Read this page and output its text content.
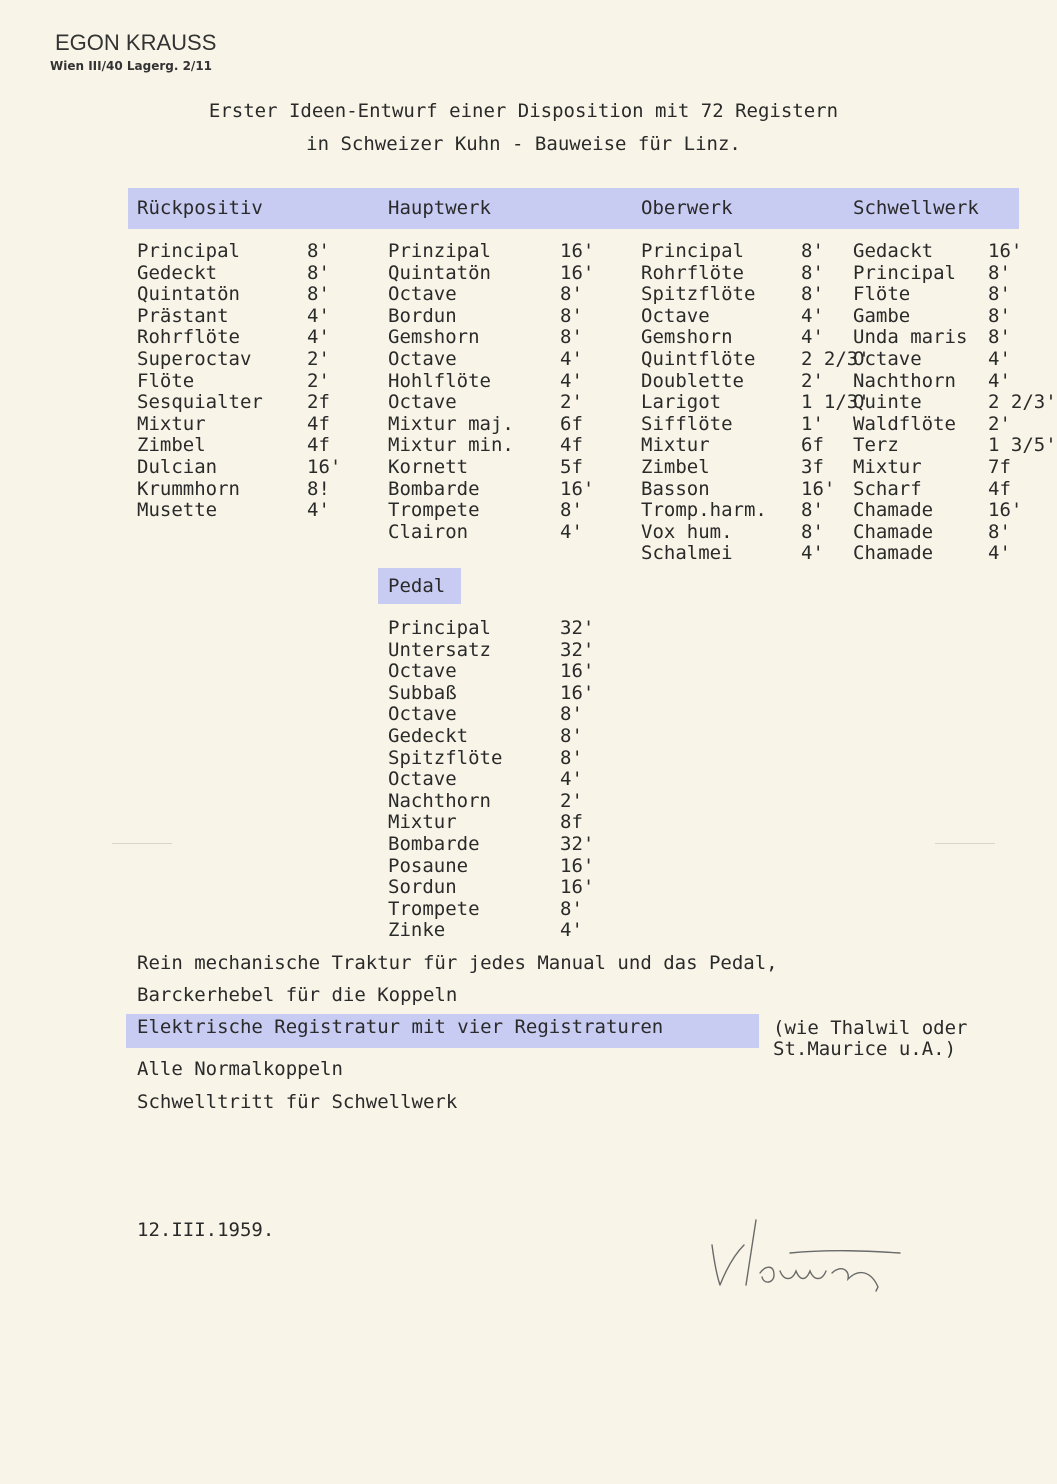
EGON KRAUSS
Wien III/40 Lagerg. 2/11
Erster Ideen-Entwurf einer Disposition mit 72 Registern
in Schweizer Kuhn - Bauweise für Linz.
Rückpositiv	Hauptwerk	Oberwerk	Schwellwerk
Principal	8'
Gedeckt	8'
Quintatön	8'
Prästant	4'
Rohrflöte	4'
Superoctav	2'
Flöte	2'
Sesquialter 2f
Mixtur	4f
Zimbel	4f
Dulcian	16'
Krummhorn	8!
Musette	4'
Prinzipal	16'
Quintatön	16'
Octave	8'
Bordun	8'
Gemshorn	8'
Octave	4'
Hohlflöte	4'
Octave	2'
Mixtur maj. 6f
Mixtur min. 4f
Kornett	5f
Bombarde	16'
Trompete	8'
Clairon	4'
Principal	8'
Rohrflöte	8'
Spitzflöte 8'
Octave	4'
Gemshorn	4'
Quintflöte 2 2/3'
Doublette	2'
Larigot	1 1/3'
Sifflöte	1'
Mixtur	6f
Zimbel	3f
Basson	16'
Tromp.harm. 8'
Vox hum.	8'
Schalmei	4'
Gedackt	16'
Principal 8'
Flöte	8'
Gambe	8'
Unda maris 8'
Octave	4'
Nachthorn 4'
Quinte	2 2/3'
Waldflöte 2'
Terz	1 3/5'
Mixtur	7f
Scharf	4f
Chamade	16'
Chamade	8'
Chamade	4'
Pedal
Principal	32'
Untersatz	32'
Octave	16'
Subbaß	16'
Octave	8'
Gedeckt	8'
Spitzflöte	8'
Octave	4'
Nachthorn	2'
Mixtur	8f
Bombarde	32'
Posaune	16'
Sordun	16'
Trompete	8'
Zinke	4'
Rein mechanische Traktur für jedes Manual und das Pedal,
Barckerhebel für die Koppeln
Elektrische Registratur mit vier Registraturen	(wie Thalwil oder
St.Maurice u.A.)
Alle Normalkoppeln
Schwelltritt für Schwellwerk
12.III.1959.
